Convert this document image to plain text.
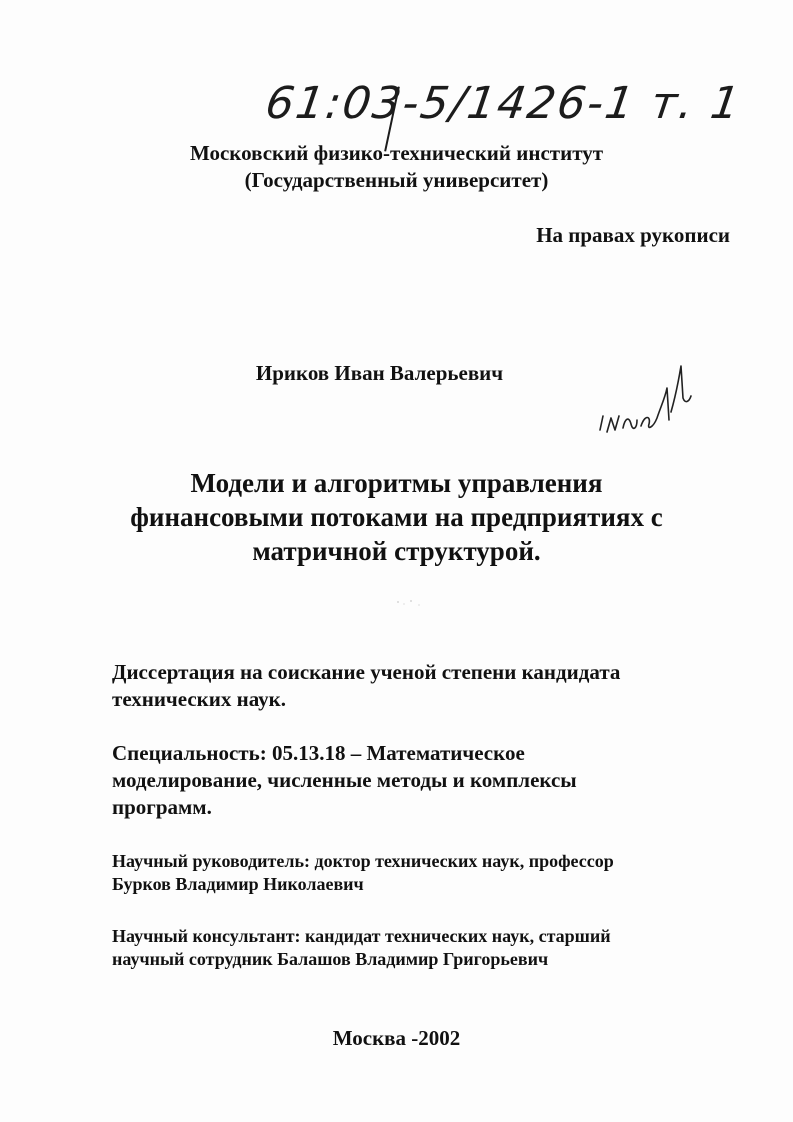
61:03-5/1426-1 т. 1
Московский физико-технический институт
(Государственный университет)
На правах рукописи
Ириков Иван Валерьевич
Модели и алгоритмы управления
финансовыми потоками на предприятиях с
матричной структурой.
Диссертация на соискание ученой степени кандидата
технических наук.
Специальность: 05.13.18 – Математическое
моделирование, численные методы и комплексы
программ.
Научный руководитель: доктор технических наук, профессор
Бурков Владимир Николаевич
Научный консультант: кандидат технических наук, старший
научный сотрудник Балашов Владимир Григорьевич
Москва -2002
